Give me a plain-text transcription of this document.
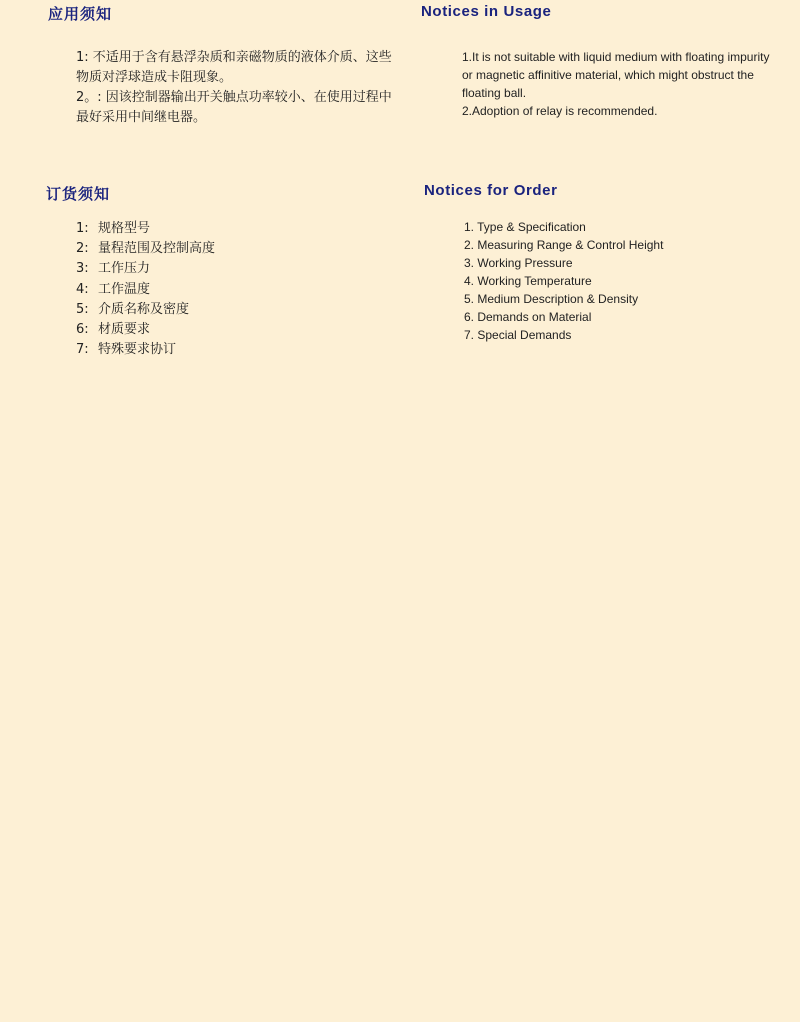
应用须知	Notices in Usage

1: 不适用于含有悬浮杂质和亲磁物质的液体介质、这些物质对浮球造成卡阻现象。

2。: 因该控制器输出开关触点功率较小、在使用过程中最好采用中间继电器。

1.It is not suitable with liquid medium with floating impurity or magnetic affinitive material, which might obstruct the floating ball.

2.Adoption of relay is recommended.

订货须知	Notices for Order
1: 规格型号
2: 量程范围及控制高度
3: 工作压力
4: 工作温度
5: 介质名称及密度
6: 材质要求
7: 特殊要求协订
1. Type & Specification
2. Measuring Range & Control Height
3. Working Pressure
4. Working Temperature
5. Medium Description & Density
6. Demands on Material
7. Special Demands
